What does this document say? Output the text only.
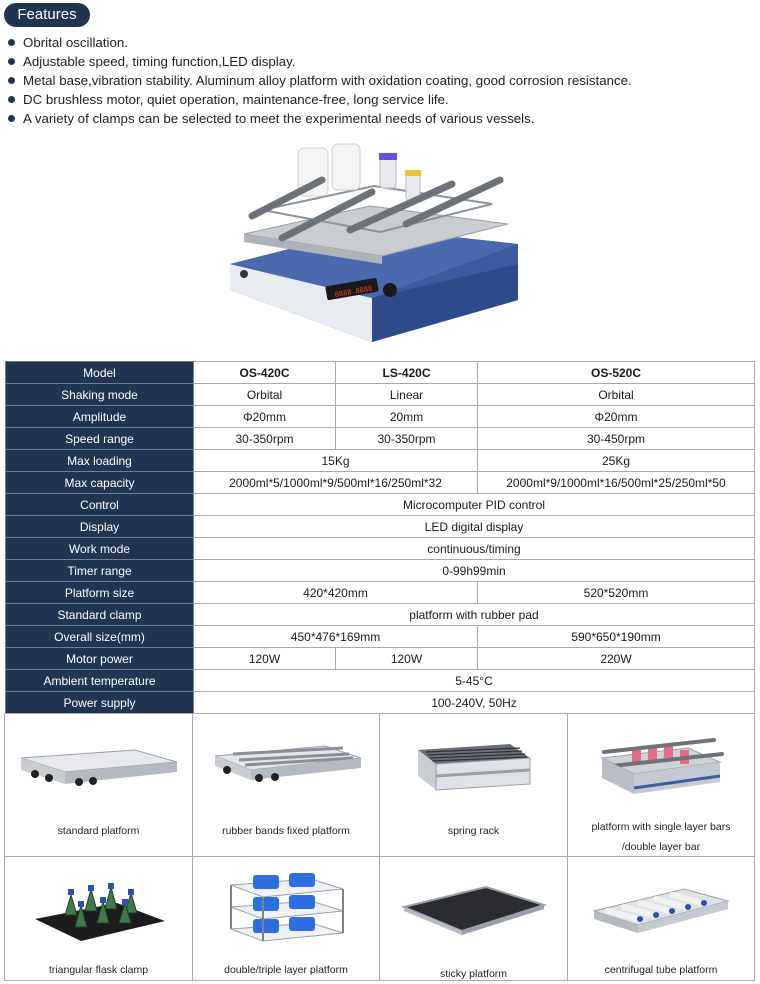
Features
Obrital oscillation.
Adjustable speed, timing function,LED display.
Metal base,vibration stability. Aluminum alloy platform with oxidation coating, good corrosion resistance.
DC brushless motor, quiet operation, maintenance-free, long service life.
A variety of clamps can be selected to meet the experimental needs of various vessels.
8888 8888
Model	OS-420C	LS-420C	OS-520C
Shaking mode	Orbital	Linear	Orbital
Amplitude	Φ20mm	20mm	Φ20mm
Speed range	30-350rpm	30-350rpm	30-450rpm
Max loading	15Kg		25Kg
Max capacity	2000ml*5/1000ml*9/500ml*16/250ml*32		2000ml*9/1000ml*16/500ml*25/250ml*50
Control	Microcomputer PID control		
Display	LED digital display		
Work mode	continuous/timing		
Timer range	0-99h99min		
Platform size	420*420mm		520*520mm
Standard clamp	platform with rubber pad		
Overall size(mm)	450*476*169mm		590*650*190mm
Motor power	120W	120W	220W
Ambient temperature	5-45°C		
Power supply	100-240V, 50Hz		
standard platform	rubber bands fixed platform	spring rack	platform with single layer bars
/double layer bar
triangular flask clamp	double/triple layer platform	sticky platform	centrifugal tube platform
